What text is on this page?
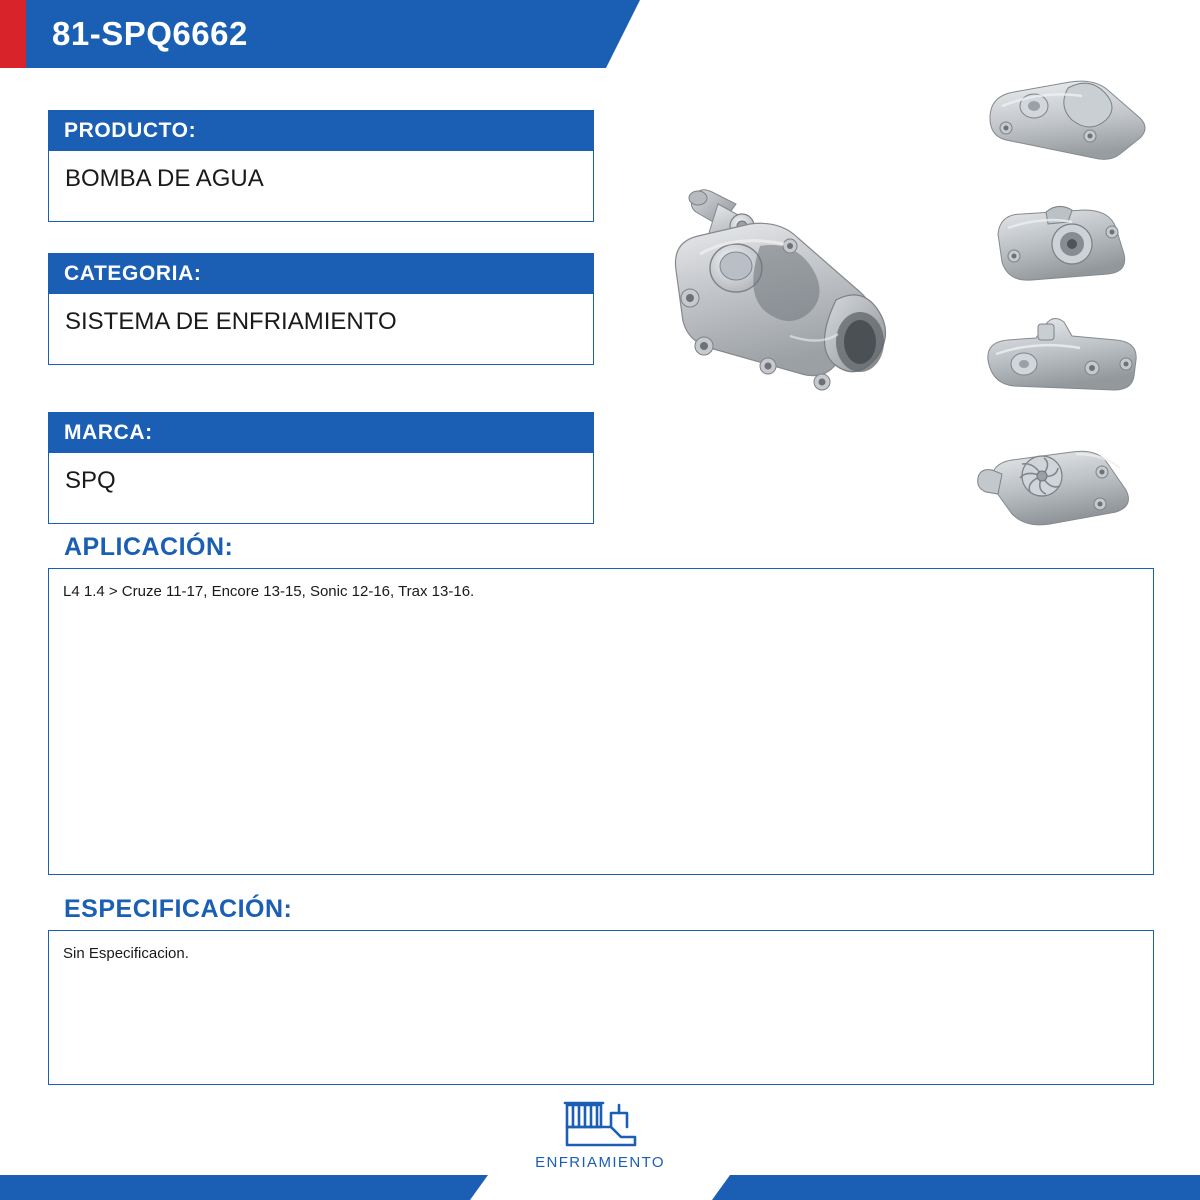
81-SPQ6662
PRODUCTO:
BOMBA DE AGUA
CATEGORIA:
SISTEMA DE ENFRIAMIENTO
MARCA:
SPQ
APLICACIÓN:
L4 1.4 > Cruze 11-17, Encore 13-15, Sonic 12-16, Trax 13-16.
ESPECIFICACIÓN:
Sin Especificacion.
ENFRIAMIENTO
